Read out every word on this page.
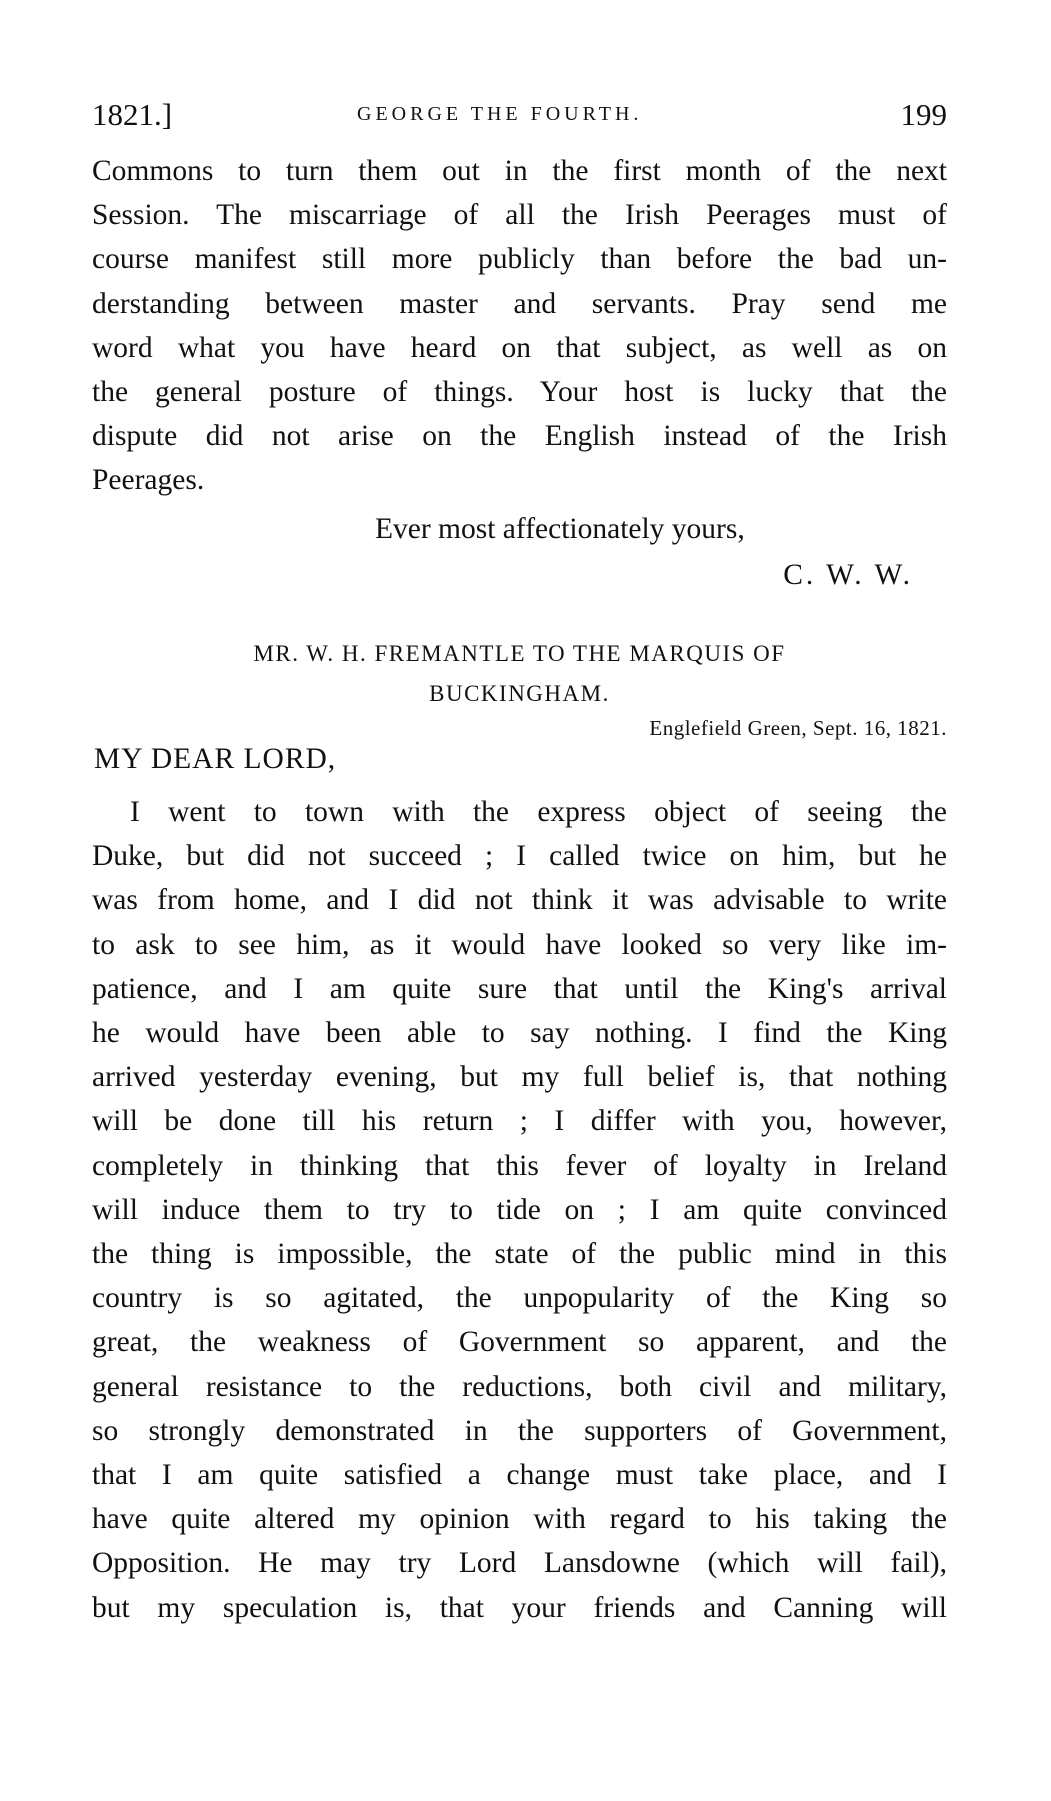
1821.]	GEORGE THE FOURTH.	199
Commons to turn them out in the first month of the next
Session. The miscarriage of all the Irish Peerages must of
course manifest still more publicly than before the bad un-
derstanding between master and servants. Pray send me
word what you have heard on that subject, as well as on
the general posture of things. Your host is lucky that the
dispute did not arise on the English instead of the Irish
Peerages.
Ever most affectionately yours,
C. W. W.
MR. W. H. FREMANTLE TO THE MARQUIS OF
BUCKINGHAM.
Englefield Green, Sept. 16, 1821.
MY DEAR LORD,
I went to town with the express object of seeing the
Duke, but did not succeed ; I called twice on him, but he
was from home, and I did not think it was advisable to write
to ask to see him, as it would have looked so very like im-
patience, and I am quite sure that until the King's arrival
he would have been able to say nothing. I find the King
arrived yesterday evening, but my full belief is, that nothing
will be done till his return ; I differ with you, however,
completely in thinking that this fever of loyalty in Ireland
will induce them to try to tide on ; I am quite convinced
the thing is impossible, the state of the public mind in this
country is so agitated, the unpopularity of the King so
great, the weakness of Government so apparent, and the
general resistance to the reductions, both civil and military,
so strongly demonstrated in the supporters of Government,
that I am quite satisfied a change must take place, and I
have quite altered my opinion with regard to his taking the
Opposition. He may try Lord Lansdowne (which will fail),
but my speculation is, that your friends and Canning will
